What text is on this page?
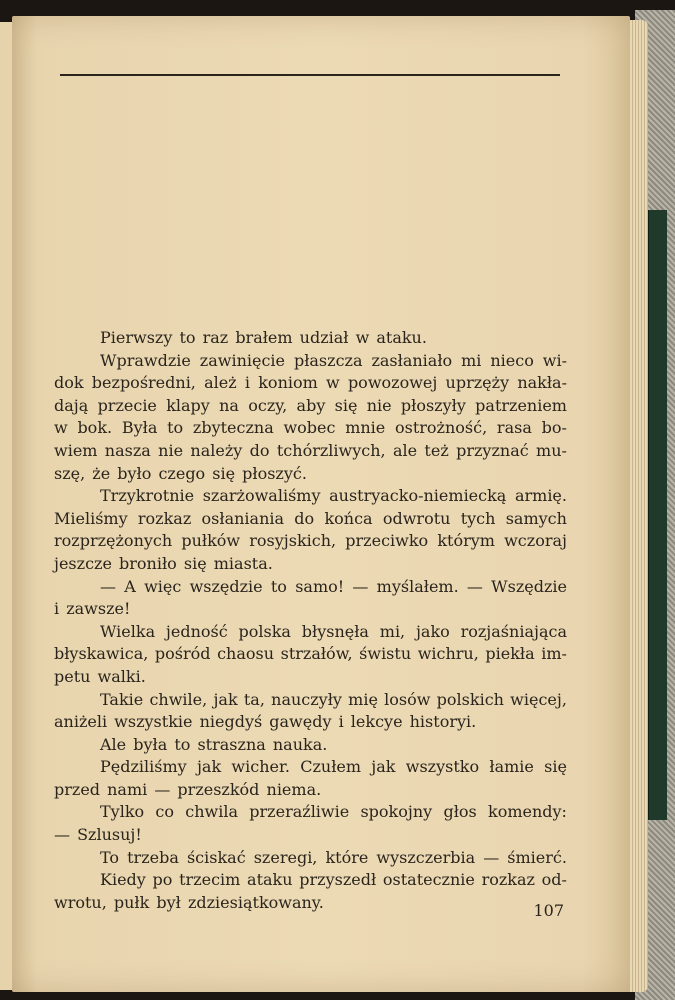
Pierwszy to raz brałem udział w ataku.
Wprawdzie zawinięcie płaszcza zasłaniało mi nieco wi-
dok bezpośredni, ależ i koniom w powozowej uprzęży nakła-
dają przecie klapy na oczy, aby się nie płoszyły patrzeniem
w bok. Była to zbyteczna wobec mnie ostrożność, rasa bo-
wiem nasza nie należy do tchórzliwych, ale też przyznać mu-
szę, że było czego się płoszyć.
Trzykrotnie szarżowaliśmy austryacko-niemiecką armię.
Mieliśmy rozkaz osłaniania do końca odwrotu tych samych
rozprzężonych pułków rosyjskich, przeciwko którym wczoraj
jeszcze broniło się miasta.
— A więc wszędzie to samo! — myślałem. — Wszędzie
i zawsze!
Wielka jedność polska błysnęła mi, jako rozjaśniająca
błyskawica, pośród chaosu strzałów, świstu wichru, piekła im-
petu walki.
Takie chwile, jak ta, nauczyły mię losów polskich więcej,
aniżeli wszystkie niegdyś gawędy i lekcye historyi.
Ale była to straszna nauka.
Pędziliśmy jak wicher. Czułem jak wszystko łamie się
przed nami — przeszkód niema.
Tylko co chwila przeraźliwie spokojny głos komendy:
— Szlusuj!
To trzeba ściskać szeregi, które wyszczerbia — śmierć.
Kiedy po trzecim ataku przyszedł ostatecznie rozkaz od-
wrotu, pułk był zdziesiątkowany.	107
